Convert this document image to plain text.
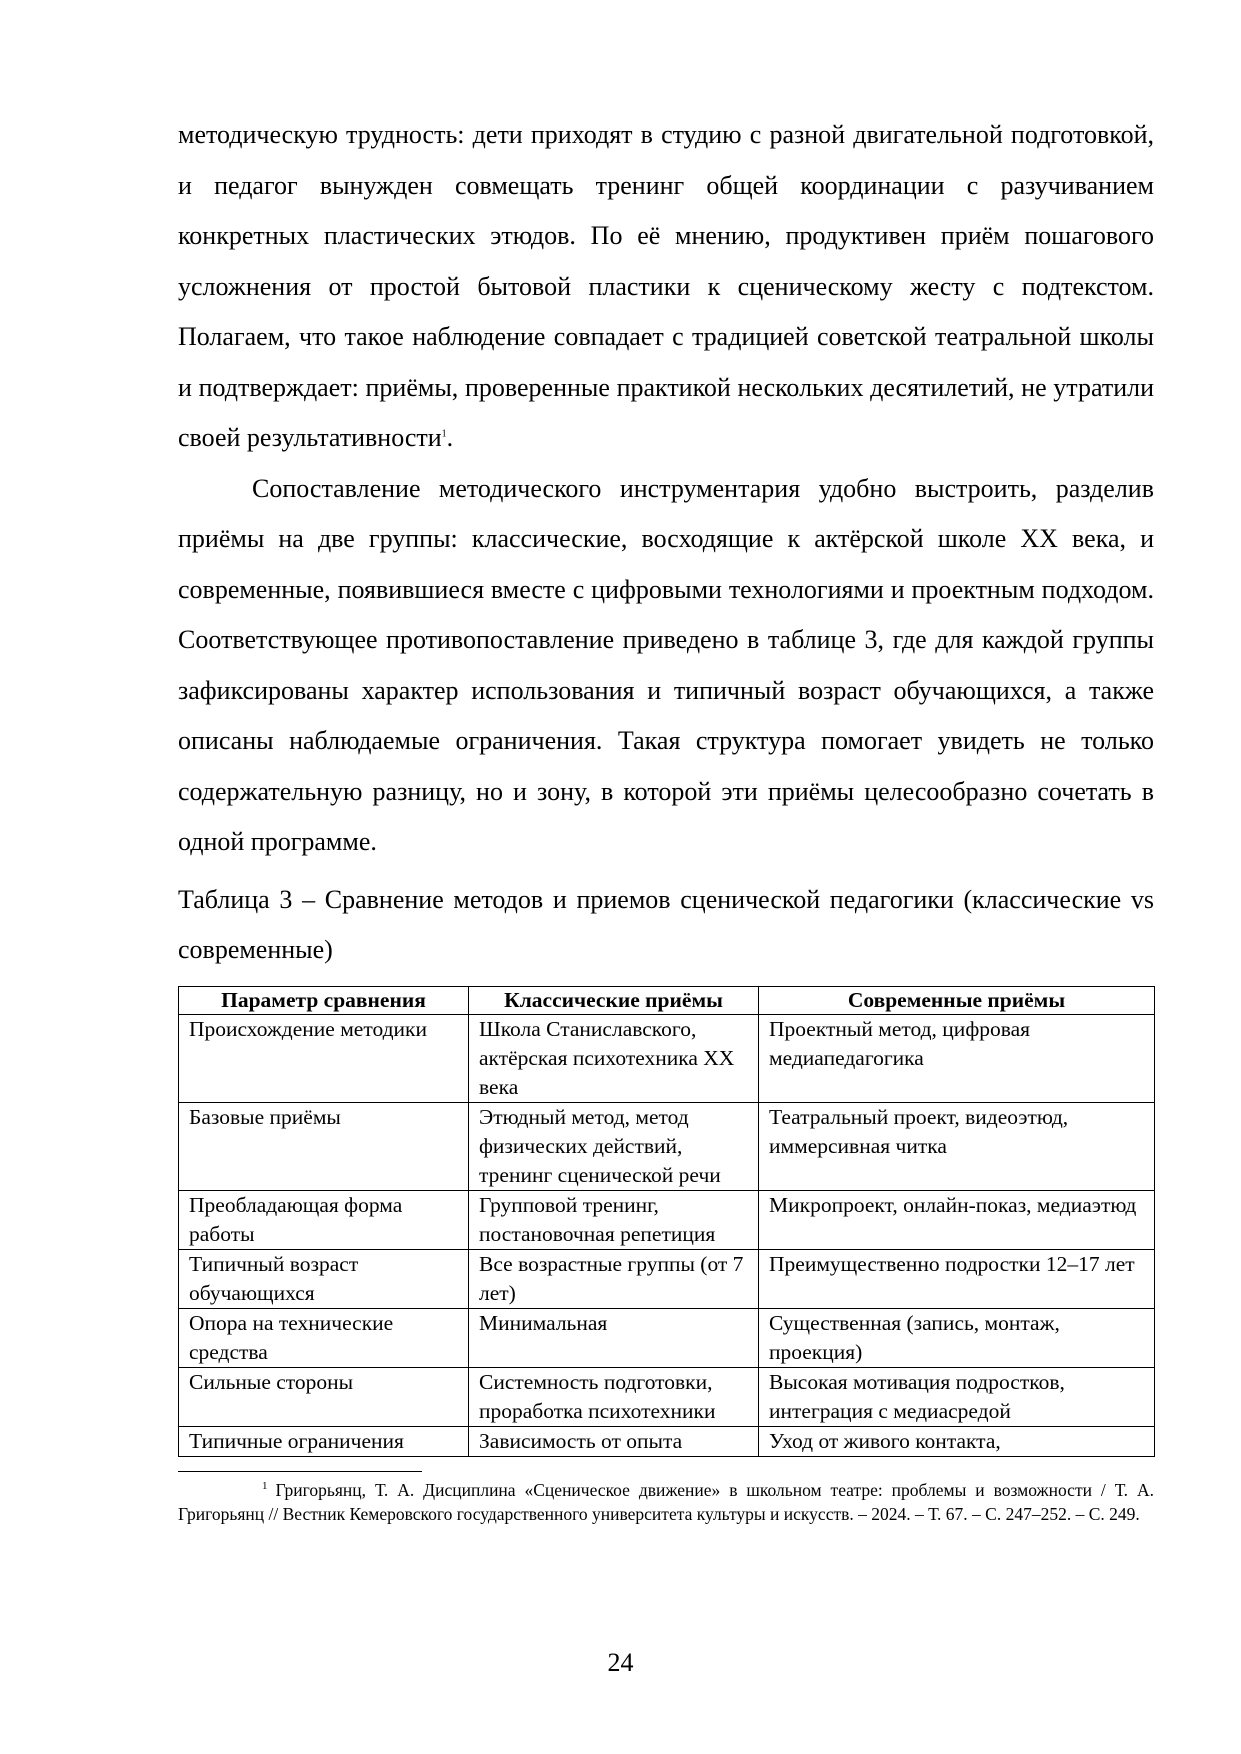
методическую трудность: дети приходят в студию с разной двигательной подготовкой, и педагог вынужден совмещать тренинг общей координации с разучиванием конкретных пластических этюдов. По её мнению, продуктивен приём пошагового усложнения от простой бытовой пластики к сценическому жесту с подтекстом. Полагаем, что такое наблюдение совпадает с традицией советской театральной школы и подтверждает: приёмы, проверенные практикой нескольких десятилетий, не утратили своей результативности$^1$.

Сопоставление методического инструментария удобно выстроить, разделив приёмы на две группы: классические, восходящие к актёрской школе XX века, и современные, появившиеся вместе с цифровыми технологиями и проектным подходом. Соответствующее противопоставление приведено в таблице 3, где для каждой группы зафиксированы характер использования и типичный возраст обучающихся, а также описаны наблюдаемые ограничения. Такая структура помогает увидеть не только содержательную разницу, но и зону, в которой эти приёмы целесообразно сочетать в одной программе.

Таблица 3 – Сравнение методов и приемов сценической педагогики (классические vs современные)

Параметр сравнения	Классические приёмы	Современные приёмы
Происхождение методики	Школа Станиславского, актёрская психотехника XX века	Проектный метод, цифровая медиапедагогика
Базовые приёмы	Этюдный метод, метод физических действий, тренинг сценической речи	Театральный проект, видеоэтюд, иммерсивная читка
Преобладающая форма работы	Групповой тренинг, постановочная репетиция	Микропроект, онлайн-показ, медиаэтюд
Типичный возраст обучающихся	Все возрастные группы (от 7 лет)	Преимущественно подростки 12–17 лет
Опора на технические средства	Минимальная	Существенная (запись, монтаж, проекция)
Сильные стороны	Системность подготовки, проработка психотехники	Высокая мотивация подростков, интеграция с медиасредой
Типичные ограничения	Зависимость от опыта	Уход от живого контакта,

$^1$ Григорьянц, Т. А. Дисциплина «Сценическое движение» в школьном театре: проблемы и возможности / Т. А. Григорьянц // Вестник Кемеровского государственного университета культуры и искусств. – 2024. – Т. 67. – С. 247–252. – С. 249.

24
